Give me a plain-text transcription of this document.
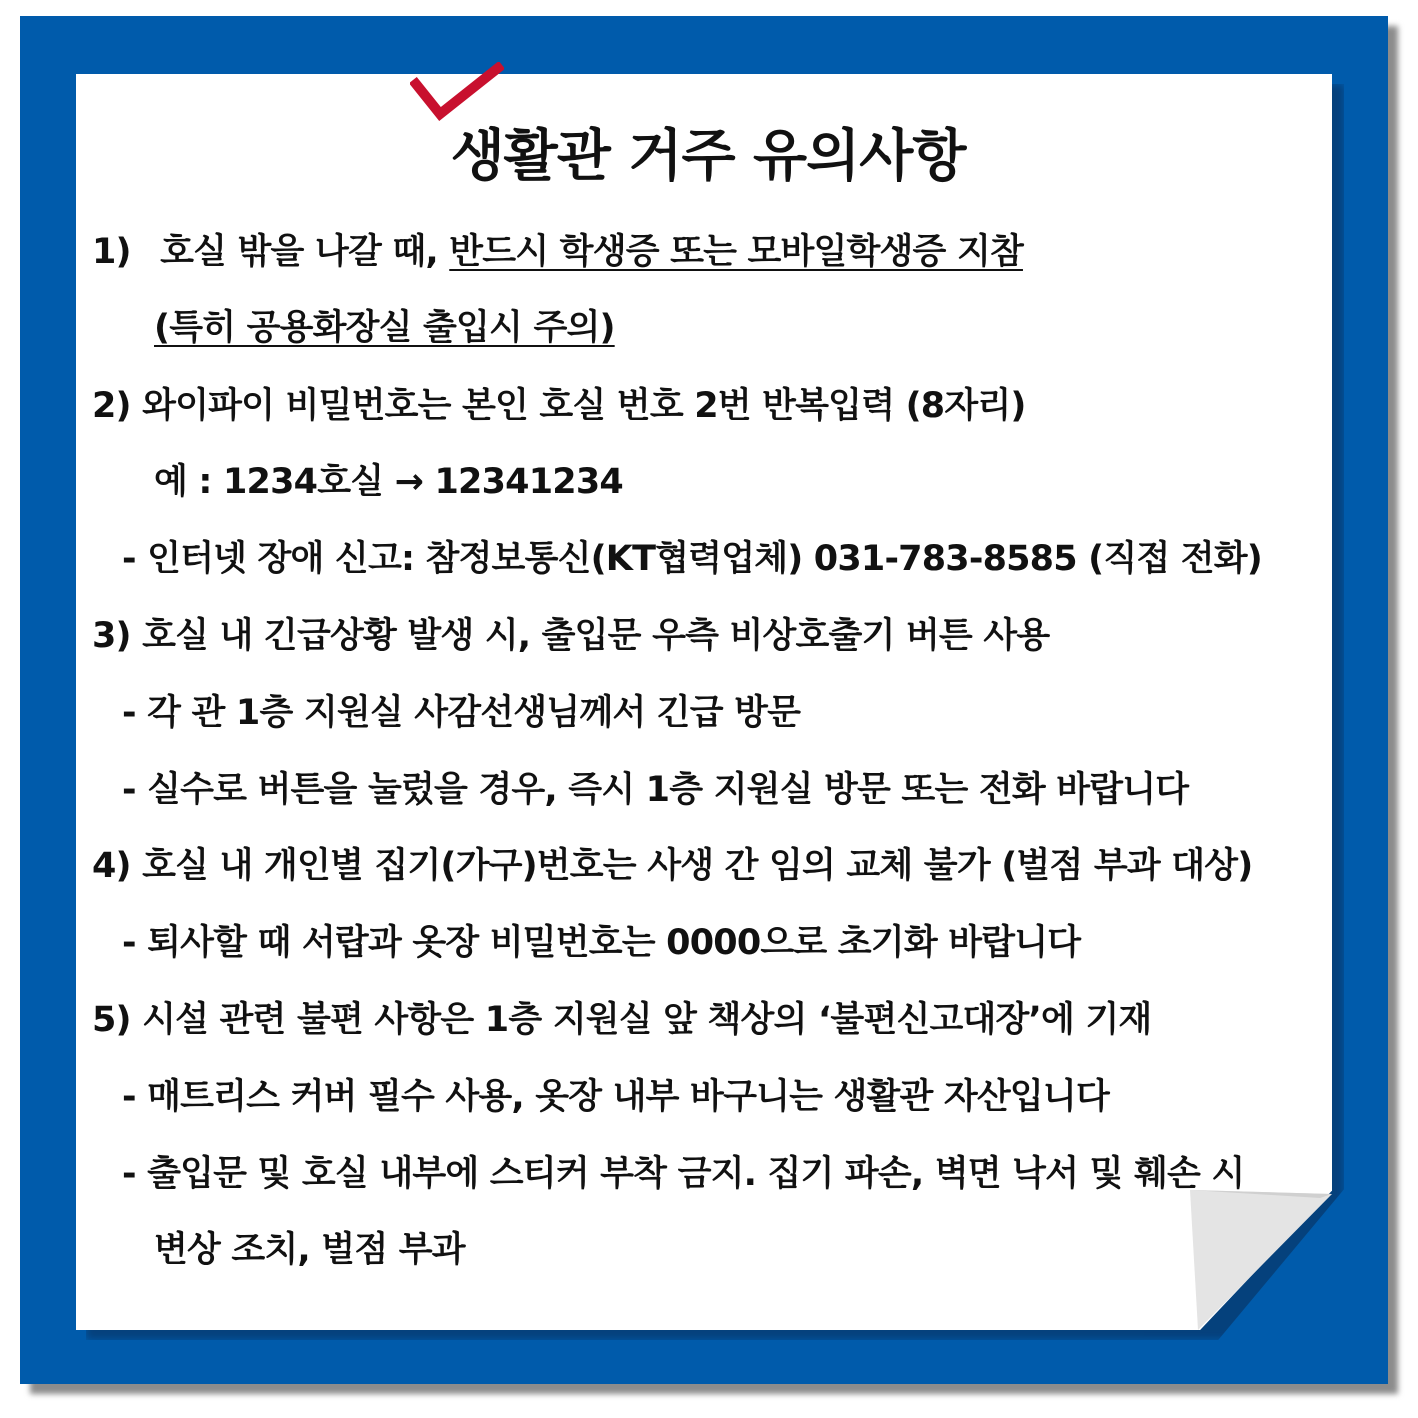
생활관 거주 유의사항
1) 호실 밖을 나갈 때, 반드시 학생증 또는 모바일학생증 지참
(특히 공용화장실 출입시 주의)
2) 와이파이 비밀번호는 본인 호실 번호 2번 반복입력 (8자리)
예 : 1234호실 → 12341234
- 인터넷 장애 신고: 참정보통신(KT협력업체) 031-783-8585 (직접 전화)
3) 호실 내 긴급상황 발생 시, 출입문 우측 비상호출기 버튼 사용
- 각 관 1층 지원실 사감선생님께서 긴급 방문
- 실수로 버튼을 눌렀을 경우, 즉시 1층 지원실 방문 또는 전화 바랍니다
4) 호실 내 개인별 집기(가구)번호는 사생 간 임의 교체 불가 (벌점 부과 대상)
- 퇴사할 때 서랍과 옷장 비밀번호는 0000으로 초기화 바랍니다
5) 시설 관련 불편 사항은 1층 지원실 앞 책상의 ‘불편신고대장’에 기재
- 매트리스 커버 필수 사용, 옷장 내부 바구니는 생활관 자산입니다
- 출입문 및 호실 내부에 스티커 부착 금지. 집기 파손, 벽면 낙서 및 훼손 시
변상 조치, 벌점 부과
